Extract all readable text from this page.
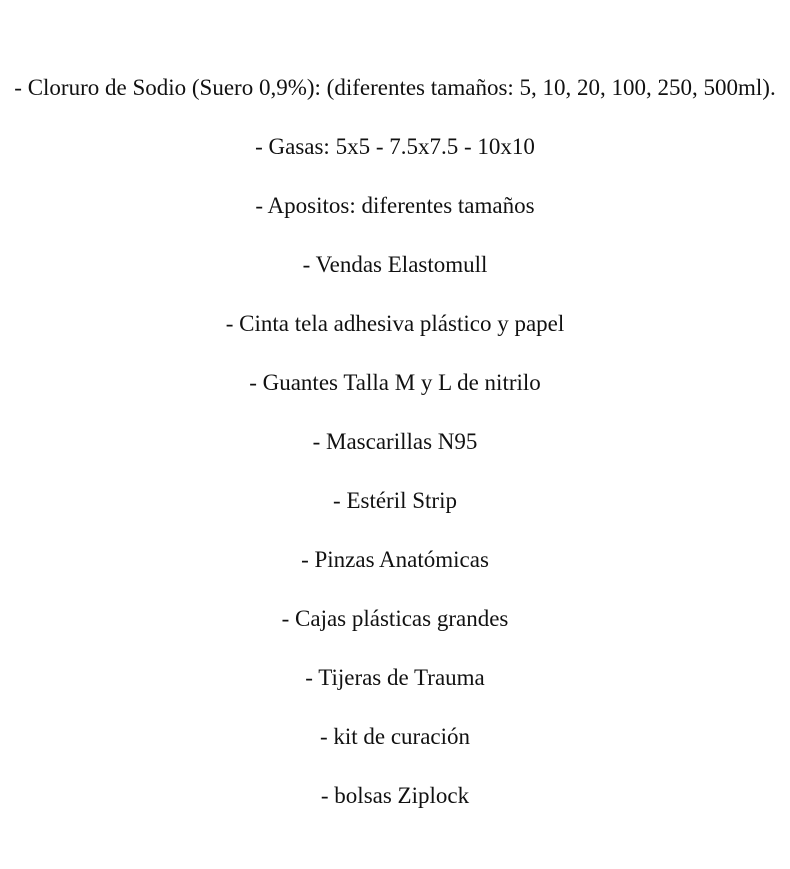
- Cloruro de Sodio (Suero 0,9%): (diferentes tamaños: 5, 10, 20, 100, 250, 500ml).

- Gasas: 5x5 - 7.5x7.5 - 10x10

- Apositos: diferentes tamaños

- Vendas Elastomull

- Cinta tela adhesiva plástico y papel

- Guantes Talla M y L de nitrilo

- Mascarillas N95

- Estéril Strip

- Pinzas Anatómicas

- Cajas plásticas grandes

- Tijeras de Trauma

- kit de curación

- bolsas Ziplock
